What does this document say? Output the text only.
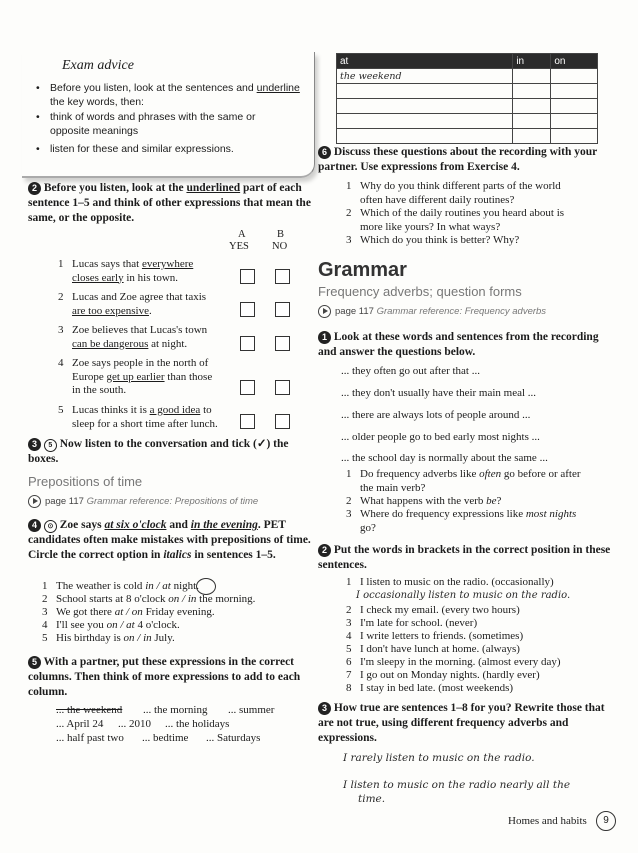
Exam advice
• Before you listen, look at the sentences and underline the key words, then:
• think of words and phrases with the same or opposite meanings
• listen for these and similar expressions.
2 Before you listen, look at the underlined part of each sentence 1–5 and think of other expressions that mean the same, or the opposite.
A	B
YES NO
1 Lucas says that everywhere
closes early in his town.
2 Lucas and Zoe agree that taxis
are too expensive.
3 Zoe believes that Lucas's town
can be dangerous at night.
4 Zoe says people in the north of
Europe get up earlier than those
in the south.
5 Lucas thinks it is a good idea to
sleep for a short time after lunch.
3 5 Now listen to the conversation and tick (✓) the boxes.
Prepositions of time
page 117 Grammar reference: Prepositions of time
4 ⊙ Zoe says at six o'clock and in the evening. PET candidates often make mistakes with prepositions of time. Circle the correct option in italics in sentences 1–5.
1 The weather is cold in / at night.
2 School starts at 8 o'clock on / in the morning.
3 We got there at / on Friday evening.
4 I'll see you on / at 4 o'clock.
5 His birthday is on / in July.
5 With a partner, put these expressions in the correct columns. Then think of more expressions to add to each column.
... the weekend ... the morning ... summer
... April 24 ... 2010 ... the holidays
... half past two ... bedtime ... Saturdays
at	in	on
the weekend		

6 Discuss these questions about the recording with your partner. Use expressions from Exercise 4.
1 Why do you think different parts of the world
often have different daily routines?
2 Which of the daily routines you heard about is
more like yours? In what ways?
3 Which do you think is better? Why?
Grammar
Frequency adverbs; question forms
page 117 Grammar reference: Frequency adverbs
1 Look at these words and sentences from the recording and answer the questions below.
... they often go out after that ...
... they don't usually have their main meal ...
... there are always lots of people around ...
... older people go to bed early most nights ...
... the school day is normally about the same ...
1 Do frequency adverbs like often go before or after
the main verb?
2 What happens with the verb be?
3 Where do frequency expressions like most nights
go?
2 Put the words in brackets in the correct position in these sentences.
1 I listen to music on the radio. (occasionally)
I occasionally listen to music on the radio.
2 I check my email. (every two hours)
3 I'm late for school. (never)
4 I write letters to friends. (sometimes)
5 I don't have lunch at home. (always)
6 I'm sleepy in the morning. (almost every day)
7 I go out on Monday nights. (hardly ever)
8 I stay in bed late. (most weekends)
3 How true are sentences 1–8 for you? Rewrite those that are not true, using different frequency adverbs and expressions.
I rarely listen to music on the radio.
I listen to music on the radio nearly all the
time.
Homes and habits	9
